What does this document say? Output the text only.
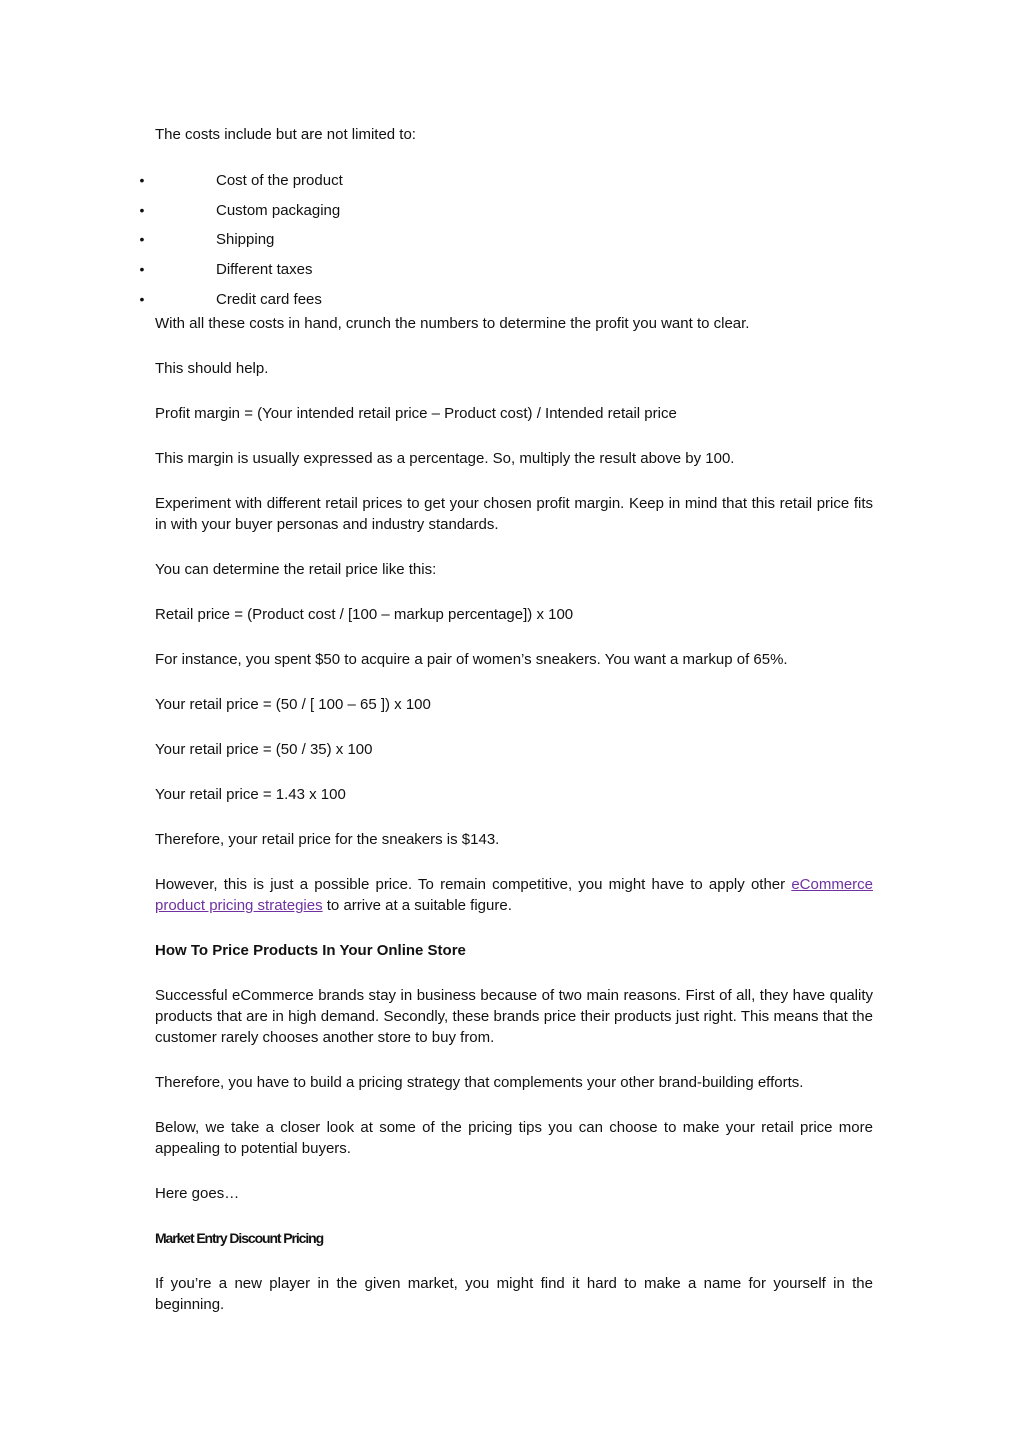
The costs include but are not limited to:

•	Cost of the product
•	Custom packaging
•	Shipping
•	Different taxes
•	Credit card fees

With all these costs in hand, crunch the numbers to determine the profit you want to clear.

This should help.

Profit margin = (Your intended retail price – Product cost) / Intended retail price

This margin is usually expressed as a percentage. So, multiply the result above by 100.

Experiment with different retail prices to get your chosen profit margin. Keep in mind that this retail price fits in with your buyer personas and industry standards.

You can determine the retail price like this:

Retail price = (Product cost / [100 – markup percentage]) x 100

For instance, you spent $50 to acquire a pair of women’s sneakers. You want a markup of 65%.

Your retail price = (50 / [ 100 – 65 ]) x 100

Your retail price = (50 / 35) x 100

Your retail price = 1.43 x 100

Therefore, your retail price for the sneakers is $143.

However, this is just a possible price. To remain competitive, you might have to apply other eCommerce product pricing strategies to arrive at a suitable figure.

How To Price Products In Your Online Store

Successful eCommerce brands stay in business because of two main reasons. First of all, they have quality products that are in high demand. Secondly, these brands price their products just right. This means that the customer rarely chooses another store to buy from.

Therefore, you have to build a pricing strategy that complements your other brand-building efforts.

Below, we take a closer look at some of the pricing tips you can choose to make your retail price more appealing to potential buyers.

Here goes…

Market Entry Discount Pricing

If you’re a new player in the given market, you might find it hard to make a name for yourself in the beginning.
